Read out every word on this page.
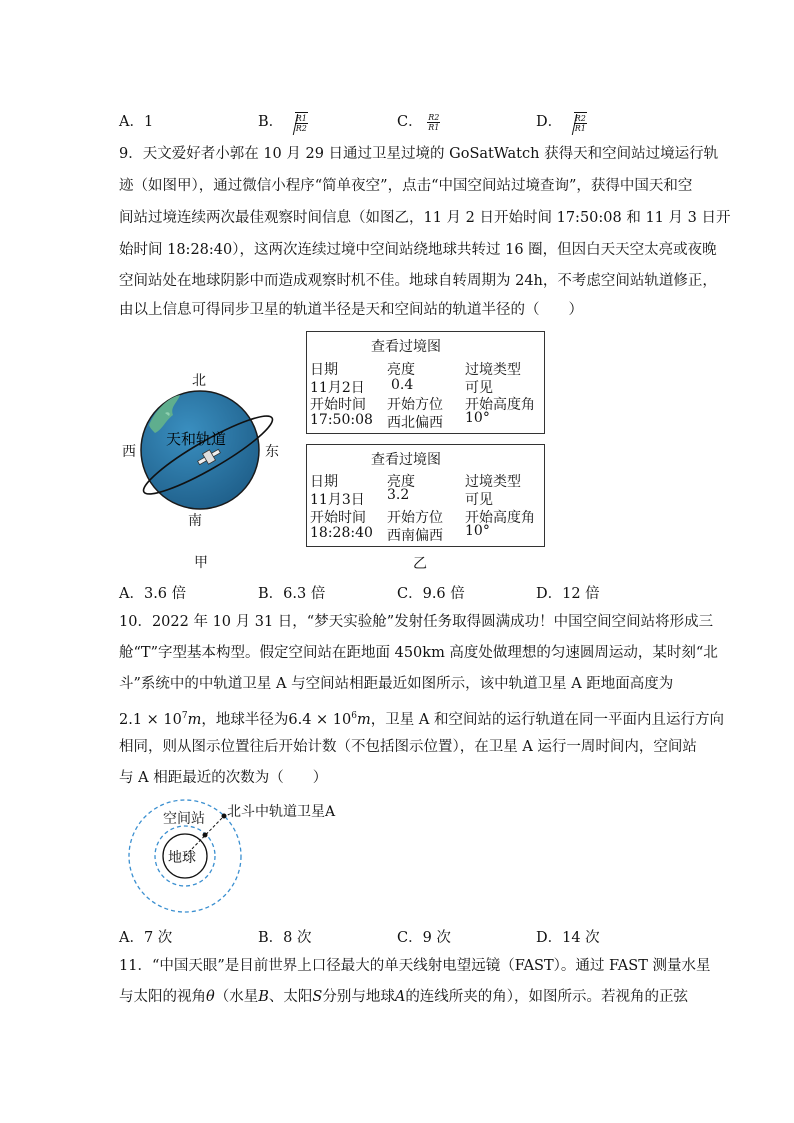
A．1	B． $\frac{R1}{R2}$	C． $\frac{R2}{R1}$	D． $\frac{R2}{R1}$
9．天文爱好者小郭在 10 月 29 日通过卫星过境的 GoSatWatch 获得天和空间站过境运行轨
迹（如图甲），通过微信小程序“简单夜空”，点击“中国空间站过境查询”，获得中国天和空
间站过境连续两次最佳观察时间信息（如图乙，11 月 2 日开始时间 17:50:08 和 11 月 3 日开
始时间 18:28:40），这两次连续过境中空间站绕地球共转过 16 圈，但因白天天空太亮或夜晚
空间站处在地球阴影中而造成观察时机不佳。地球自转周期为 24h，不考虑空间站轨道修正，
由以上信息可得同步卫星的轨道半径是天和空间站的轨道半径的（　　）
北
西	东
南
天和轨道
甲
查看过境图
日期	亮度	过境类型
11月2日 0.4	可见
开始时间 开始方位 开始高度角
17:50:08 西北偏西 10°
查看过境图
日期	亮度	过境类型
11月3日 3.2	可见
开始时间 开始方位 开始高度角
18:28:40 西南偏西 10°
乙
A．3.6 倍	B．6.3 倍	C．9.6 倍	D．12 倍
10．2022 年 10 月 31 日，“梦天实验舱”发射任务取得圆满成功！中国空间空间站将形成三
舱“T”字型基本构型。假定空间站在距地面 450km 高度处做理想的匀速圆周运动，某时刻“北
斗”系统中的中轨道卫星 A 与空间站相距最近如图所示，该中轨道卫星 A 距地面高度为
$2.1 \times 10^7m$，地球半径为$6.4 \times 10^6m$，卫星 A 和空间站的运行轨道在同一平面内且运行方向
相同，则从图示位置往后开始计数（不包括图示位置），在卫星 A 运行一周时间内，空间站
与 A 相距最近的次数为（　　）
北斗中轨道卫星A
空间站
地球
A．7 次	B．8 次	C．9 次	D．14 次
11．“中国天眼”是目前世界上口径最大的单天线射电望远镜（FAST）。通过 FAST 测量水星
与太阳的视角θ（水星B、太阳S分别与地球A的连线所夹的角），如图所示。若视角的正弦
